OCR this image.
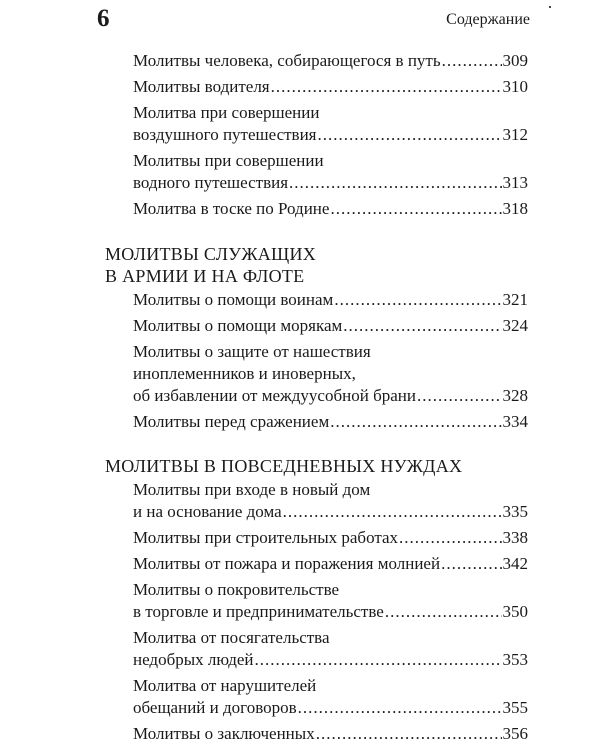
6	Содержание
Молитвы человека, собирающегося в путь .....	309
Молитвы водителя .....	310
Молитва при совершении
воздушного путешествия .....	312
Молитвы при совершении
водного путешествия .....	313
Молитва в тоске по Родине .....	318
МОЛИТВЫ СЛУЖАЩИХ
В АРМИИ И НА ФЛОТЕ
Молитвы о помощи воинам .....	321
Молитвы о помощи морякам .....	324
Молитвы о защите от нашествия
иноплеменников и иноверных,
об избавлении от междуусобной брани .....	328
Молитвы перед сражением .....	334
МОЛИТВЫ В ПОВСЕДНЕВНЫХ НУЖДАХ
Молитвы при входе в новый дом
и на основание дома .....	335
Молитвы при строительных работах .....	338
Молитвы от пожара и поражения молнией .....	342
Молитвы о покровительстве
в торговле и предпринимательстве .....	350
Молитва от посягательства
недобрых людей .....	353
Молитва от нарушителей
обещаний и договоров .....	355
Молитвы о заключенных .....	356
